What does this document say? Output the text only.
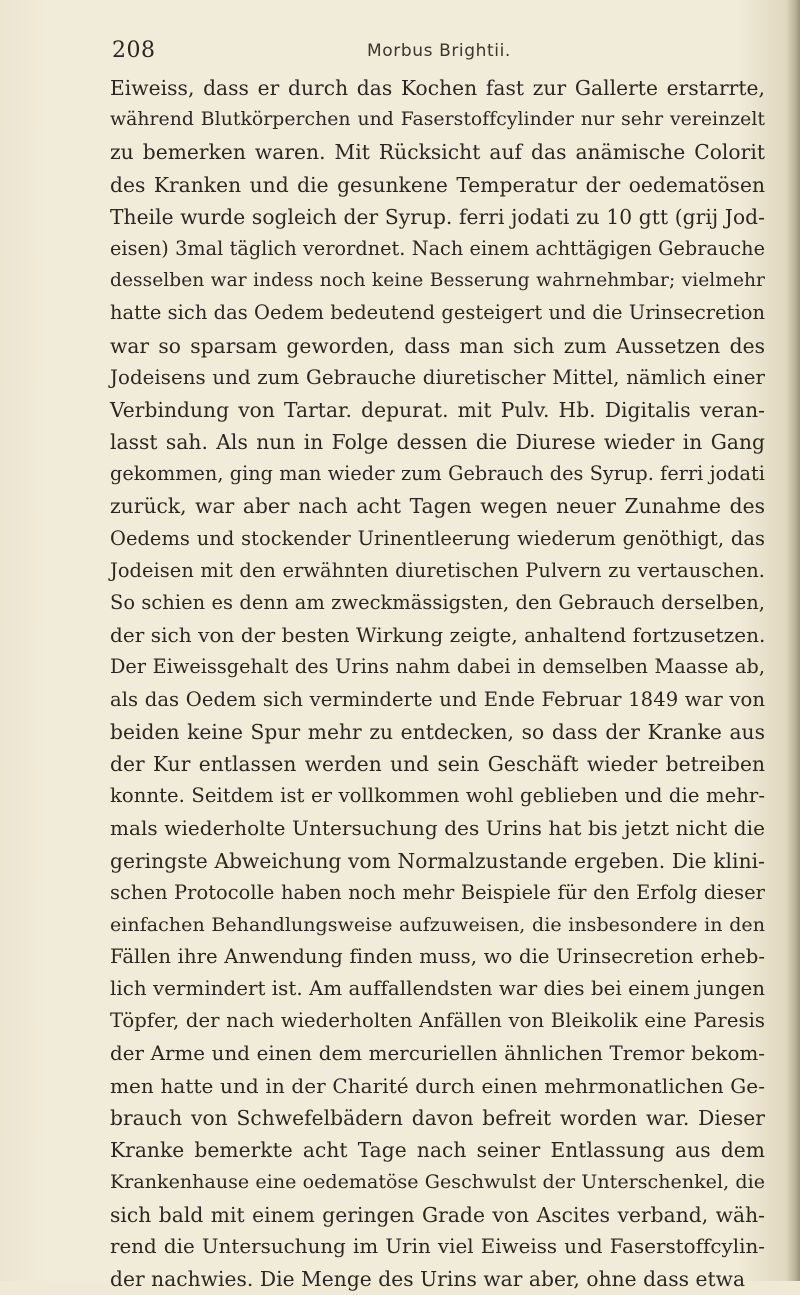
208	Morbus Brightii.
Eiweiss, dass er durch das Kochen fast zur Gallerte erstarrte,
während Blutkörperchen und Faserstoffcylinder nur sehr vereinzelt
zu bemerken waren. Mit Rücksicht auf das anämische Colorit
des Kranken und die gesunkene Temperatur der oedematösen
Theile wurde sogleich der Syrup. ferri jodati zu 10 gtt (grij Jod-
eisen) 3mal täglich verordnet. Nach einem achttägigen Gebrauche
desselben war indess noch keine Besserung wahrnehmbar; vielmehr
hatte sich das Oedem bedeutend gesteigert und die Urinsecretion
war so sparsam geworden, dass man sich zum Aussetzen des
Jodeisens und zum Gebrauche diuretischer Mittel, nämlich einer
Verbindung von Tartar. depurat. mit Pulv. Hb. Digitalis veran-
lasst sah. Als nun in Folge dessen die Diurese wieder in Gang
gekommen, ging man wieder zum Gebrauch des Syrup. ferri jodati
zurück, war aber nach acht Tagen wegen neuer Zunahme des
Oedems und stockender Urinentleerung wiederum genöthigt, das
Jodeisen mit den erwähnten diuretischen Pulvern zu vertauschen.
So schien es denn am zweckmässigsten, den Gebrauch derselben,
der sich von der besten Wirkung zeigte, anhaltend fortzusetzen.
Der Eiweissgehalt des Urins nahm dabei in demselben Maasse ab,
als das Oedem sich verminderte und Ende Februar 1849 war von
beiden keine Spur mehr zu entdecken, so dass der Kranke aus
der Kur entlassen werden und sein Geschäft wieder betreiben
konnte. Seitdem ist er vollkommen wohl geblieben und die mehr-
mals wiederholte Untersuchung des Urins hat bis jetzt nicht die
geringste Abweichung vom Normalzustande ergeben. Die klini-
schen Protocolle haben noch mehr Beispiele für den Erfolg dieser
einfachen Behandlungsweise aufzuweisen, die insbesondere in den
Fällen ihre Anwendung finden muss, wo die Urinsecretion erheb-
lich vermindert ist. Am auffallendsten war dies bei einem jungen
Töpfer, der nach wiederholten Anfällen von Bleikolik eine Paresis
der Arme und einen dem mercuriellen ähnlichen Tremor bekom-
men hatte und in der Charité durch einen mehrmonatlichen Ge-
brauch von Schwefelbädern davon befreit worden war. Dieser
Kranke bemerkte acht Tage nach seiner Entlassung aus dem
Krankenhause eine oedematöse Geschwulst der Unterschenkel, die
sich bald mit einem geringen Grade von Ascites verband, wäh-
rend die Untersuchung im Urin viel Eiweiss und Faserstoffcylin-
der nachwies. Die Menge des Urins war aber, ohne dass etwa
